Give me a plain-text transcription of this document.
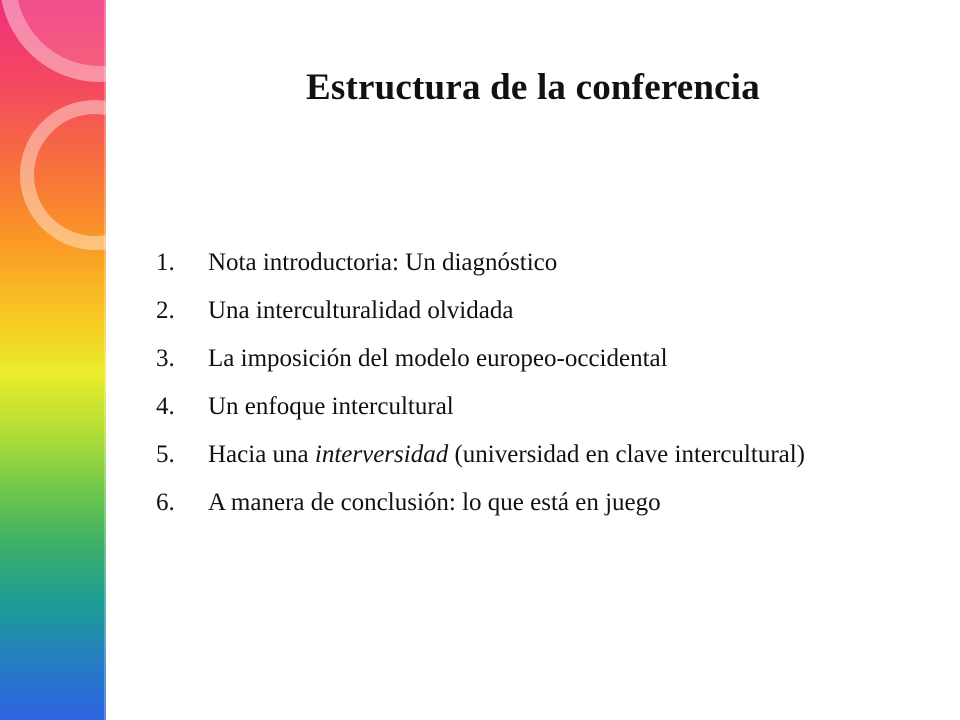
Estructura de la conferencia
1.	Nota introductoria: Un diagnóstico
2.	Una interculturalidad olvidada
3.	La imposición del modelo europeo-occidental
4.	Un enfoque intercultural
5.	Hacia una interversidad (universidad en clave intercultural)
6.	A manera de conclusión: lo que está en juego
